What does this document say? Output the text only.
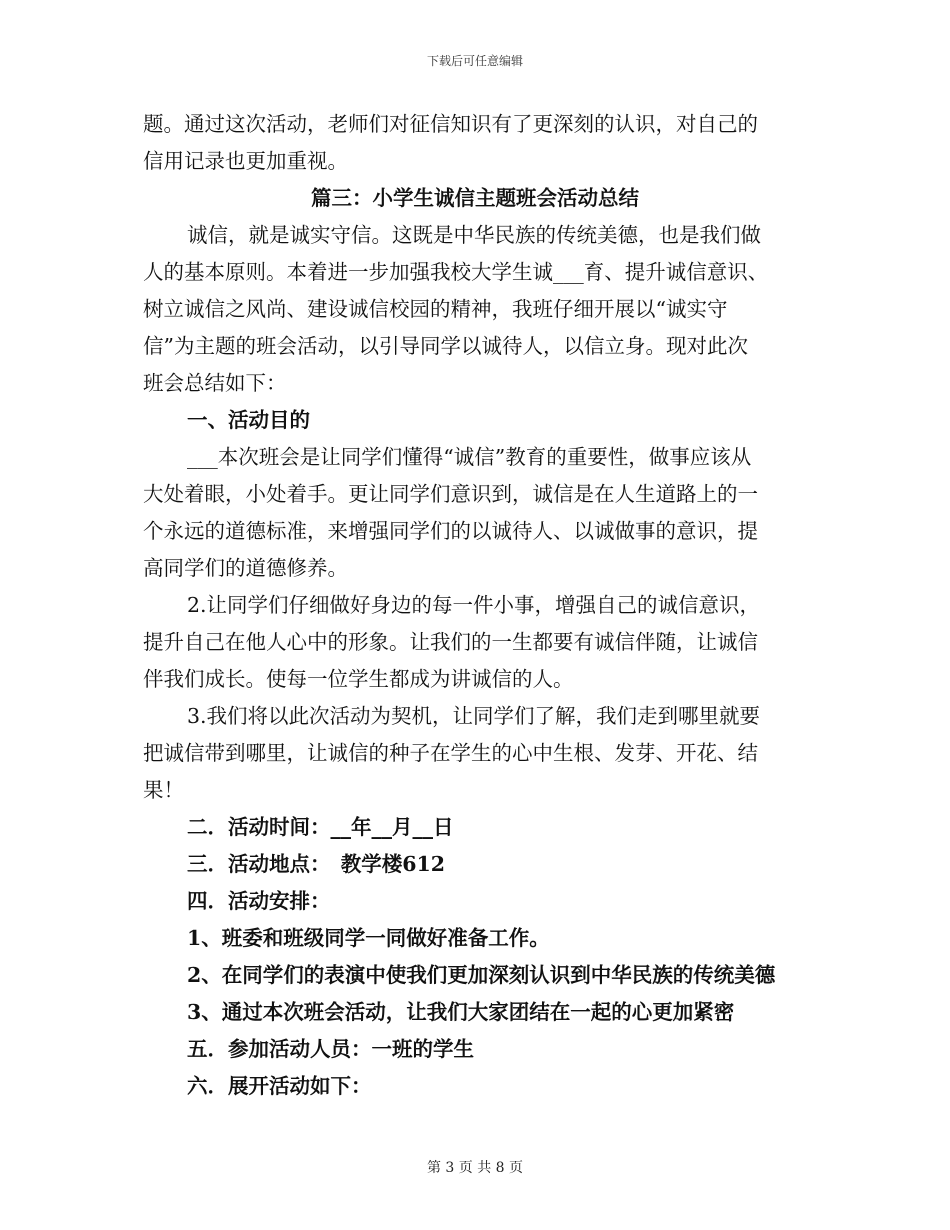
下载后可任意编辑
题。通过这次活动，老师们对征信知识有了更深刻的认识，对自己的
信用记录也更加重视。
篇三：小学生诚信主题班会活动总结
诚信，就是诚实守信。这既是中华民族的传统美德，也是我们做
人的基本原则。本着进一步加强我校大学生诚___育、提升诚信意识、
树立诚信之风尚、建设诚信校园的精神，我班仔细开展以“诚实守
信”为主题的班会活动，以引导同学以诚待人，以信立身。现对此次
班会总结如下：
一、活动目的
___本次班会是让同学们懂得“诚信”教育的重要性，做事应该从
大处着眼，小处着手。更让同学们意识到，诚信是在人生道路上的一
个永远的道德标准，来增强同学们的以诚待人、以诚做事的意识，提
高同学们的道德修养。
2.让同学们仔细做好身边的每一件小事，增强自己的诚信意识，
提升自己在他人心中的形象。让我们的一生都要有诚信伴随，让诚信
伴我们成长。使每一位学生都成为讲诚信的人。
3.我们将以此次活动为契机，让同学们了解，我们走到哪里就要
把诚信带到哪里，让诚信的种子在学生的心中生根、发芽、开花、结
果！
二．活动时间：__年__月__日
三．活动地点：　教学楼612
四．活动安排：
1、班委和班级同学一同做好准备工作。
2、在同学们的表演中使我们更加深刻认识到中华民族的传统美德
3、通过本次班会活动，让我们大家团结在一起的心更加紧密
五．参加活动人员：一班的学生
六．展开活动如下：
第 3 页 共 8 页
